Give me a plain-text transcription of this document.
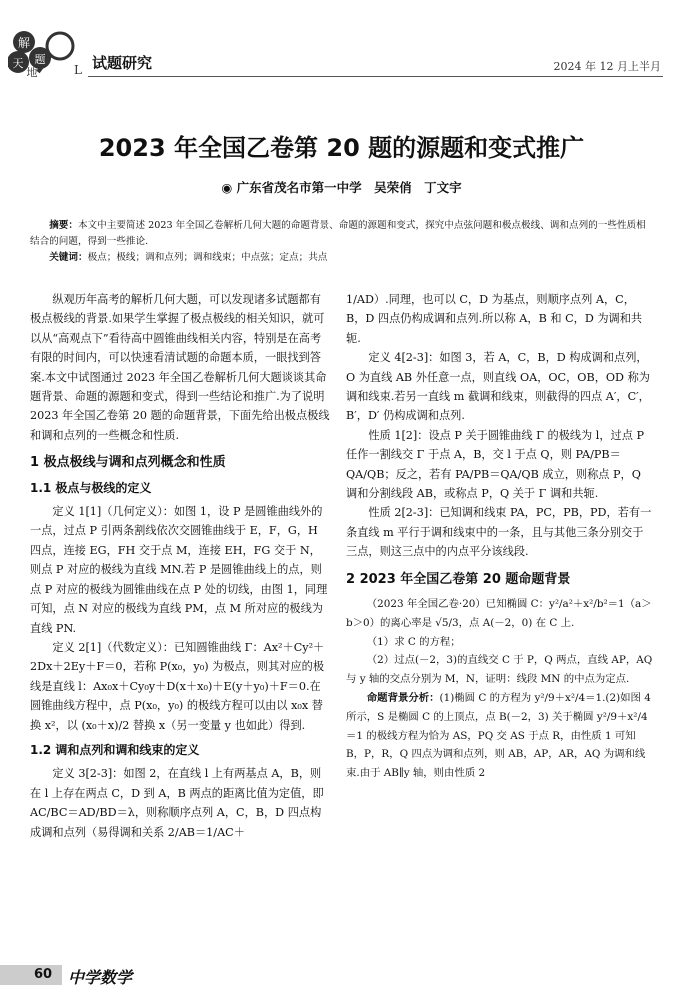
解
题
天
地	L 试题研究	2024 年 12 月上半月
2023 年全国乙卷第 20 题的源题和变式推广
◉ 广东省茂名市第一中学　吴荣俏　丁文宇
摘要：本文中主要简述 2023 年全国乙卷解析几何大题的命题背景、命题的源题和变式，探究中点弦问题和极点极线、调和点列的一些性质相结合的问题，得到一些推论.
关键词：极点；极线；调和点列；调和线束；中点弦；定点；共点

纵观历年高考的解析几何大题，可以发现诸多试题都有极点极线的背景.如果学生掌握了极点极线的相关知识，就可以从“高观点下”看待高中圆锥曲线相关内容，特别是在高考有限的时间内，可以快速看清试题的命题本质，一眼找到答案.本文中试图通过 2023 年全国乙卷解析几何大题谈谈其命题背景、命题的源题和变式，得到一些结论和推广.为了说明 2023 年全国乙卷第 20 题的命题背景，下面先给出极点极线和调和点列的一些概念和性质.

1 极点极线与调和点列概念和性质
1.1 极点与极线的定义

定义 1[1]（几何定义）：如图 1，设 P 是圆锥曲线外的一点，过点 P 引两条割线依次交圆锥曲线于 E，F，G，H 四点，连接 EG，FH 交于点 M，连接 EH，FG 交于 N，则点 P 对应的极线为直线 MN.若 P 是圆锥曲线上的点，则点 P 对应的极线为圆锥曲线在点 P 处的切线，由图 1，同理可知，点 N 对应的极线为直线 PM，点 M 所对应的极线为直线 PN.

定义 2[1]（代数定义）：已知圆锥曲线 Γ：Ax²＋Cy²＋2Dx＋2Ey＋F＝0，若称 P(x₀，y₀) 为极点，则其对应的极线是直线 l：Ax₀x＋Cy₀y＋D(x＋x₀)＋E(y＋y₀)＋F＝0.在圆锥曲线方程中，点 P(x₀，y₀) 的极线方程可以由以 x₀x 替换 x²，以 (x₀＋x)/2 替换 x（另一变量 y 也如此）得到.

1.2 调和点列和调和线束的定义

定义 3[2-3]：如图 2，在直线 l 上有两基点 A，B，则在 l 上存在两点 C，D 到 A，B 两点的距离比值为定值，即 AC/BC＝AD/BD＝λ，则称顺序点列 A，C，B，D 四点构成调和点列（易得调和关系 2/AB＝1/AC＋

1/AD）.同理，也可以 C，D 为基点，则顺序点列 A，C，B，D 四点仍构成调和点列.所以称 A，B 和 C，D 为调和共轭.

定义 4[2-3]：如图 3，若 A，C，B，D 构成调和点列，O 为直线 AB 外任意一点，则直线 OA，OC，OB，OD 称为调和线束.若另一直线 m 截调和线束，则截得的四点 A′，C′，B′，D′ 仍构成调和点列.

性质 1[2]：设点 P 关于圆锥曲线 Γ 的极线为 l，过点 P 任作一割线交 Γ 于点 A，B，交 l 于点 Q，则 PA/PB＝QA/QB；反之，若有 PA/PB＝QA/QB 成立，则称点 P，Q 调和分割线段 AB，或称点 P，Q 关于 Γ 调和共轭.

性质 2[2-3]：已知调和线束 PA，PC，PB，PD，若有一条直线 m 平行于调和线束中的一条，且与其他三条分别交于三点，则这三点中的内点平分该线段.

2 2023 年全国乙卷第 20 题命题背景

（2023 年全国乙卷·20）已知椭圆 C：y²/a²＋x²/b²＝1（a＞b＞0）的离心率是 √5/3，点 A(－2，0) 在 C 上.

（1）求 C 的方程；

（2）过点(－2，3)的直线交 C 于 P，Q 两点，直线 AP，AQ 与 y 轴的交点分别为 M，N，证明：线段 MN 的中点为定点.

命题背景分析：(1)椭圆 C 的方程为 y²/9＋x²/4＝1.(2)如图 4 所示，S 是椭圆 C 的上顶点，点 B(－2，3) 关于椭圆 y²/9＋x²/4＝1 的极线方程为恰为 AS，PQ 交 AS 于点 R，由性质 1 可知 B，P，R，Q 四点为调和点列，则 AB，AP，AR，AQ 为调和线束.由于 AB∥y 轴，则由性质 2

60 中学数学
